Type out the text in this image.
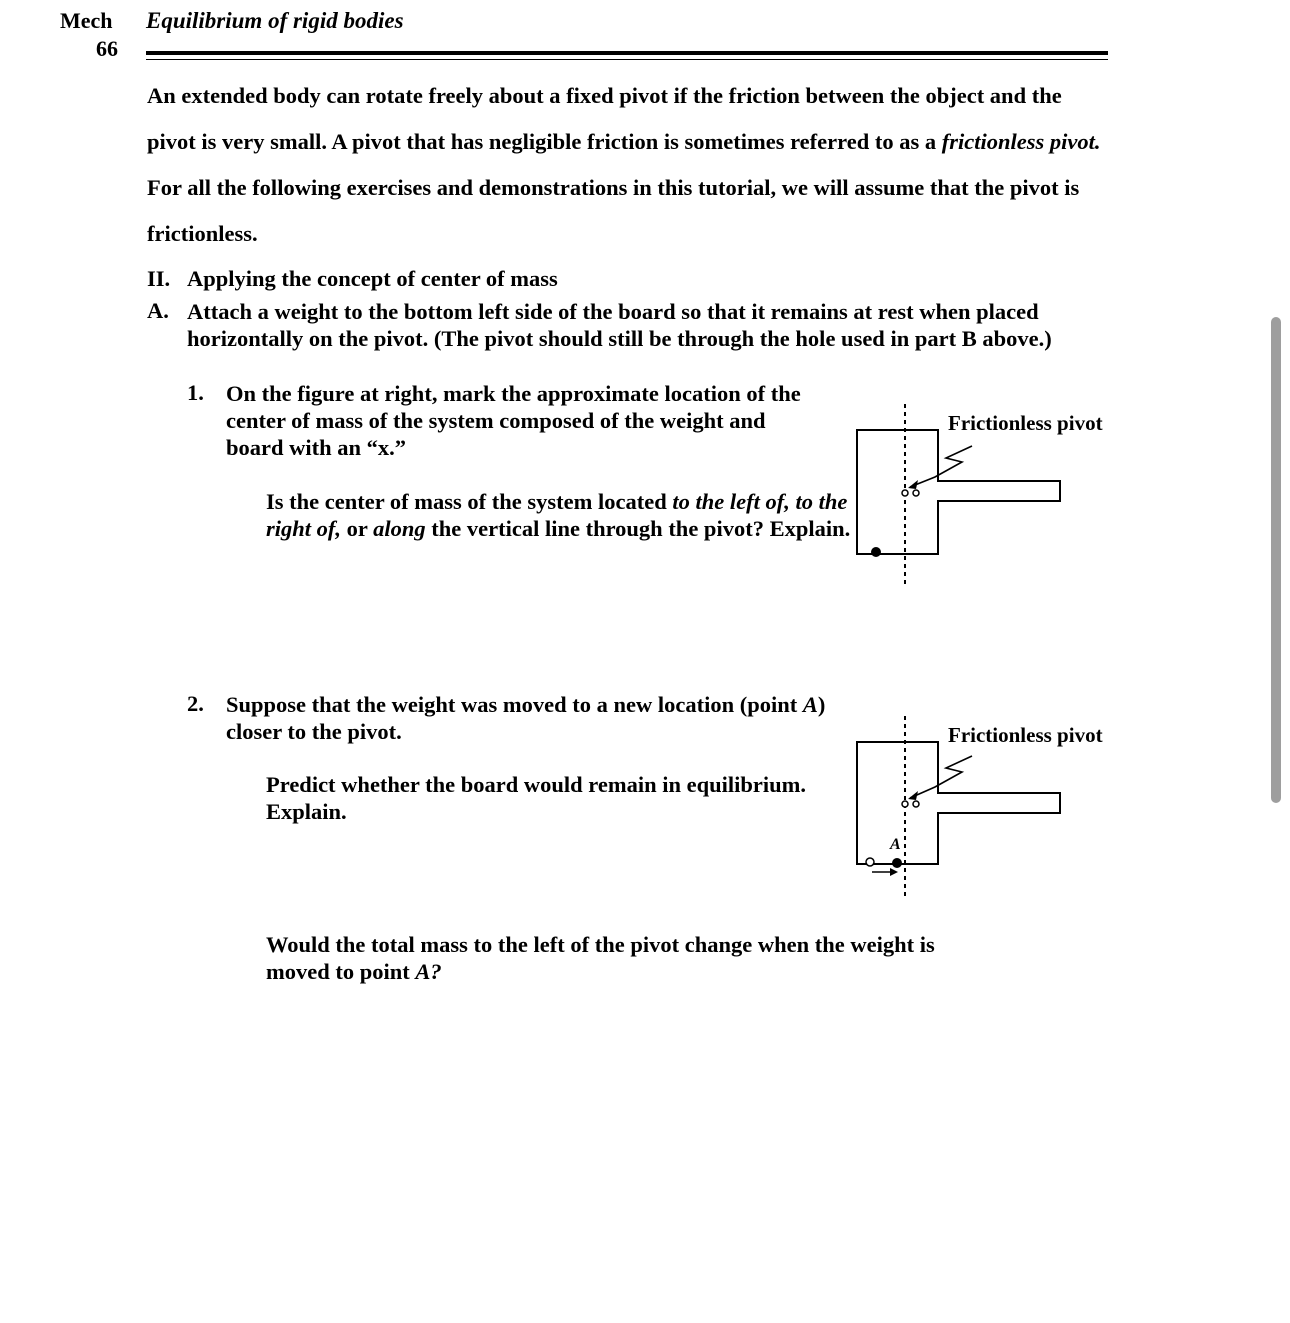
Mech
66
Equilibrium of rigid bodies

An extended body can rotate freely about a fixed pivot if the friction between the object and the pivot is very small. A pivot that has negligible friction is sometimes referred to as a frictionless pivot. For all the following exercises and demonstrations in this tutorial, we will assume that the pivot is frictionless.

II. Applying the concept of center of mass
A. Attach a weight to the bottom left side of the board so that it remains at rest when placed horizontally on the pivot. (The pivot should still be through the hole used in part B above.)

1. On the figure at right, mark the approximate location of the center of mass of the system composed of the weight and board with an “x.”

Is the center of mass of the system located to the left of, to the right of, or along the vertical line through the pivot? Explain.

2. Suppose that the weight was moved to a new location (point A) closer to the pivot.

Predict whether the board would remain in equilibrium. Explain.

Would the total mass to the left of the pivot change when the weight is moved to point A?

Frictionless pivot
Frictionless pivot
A
